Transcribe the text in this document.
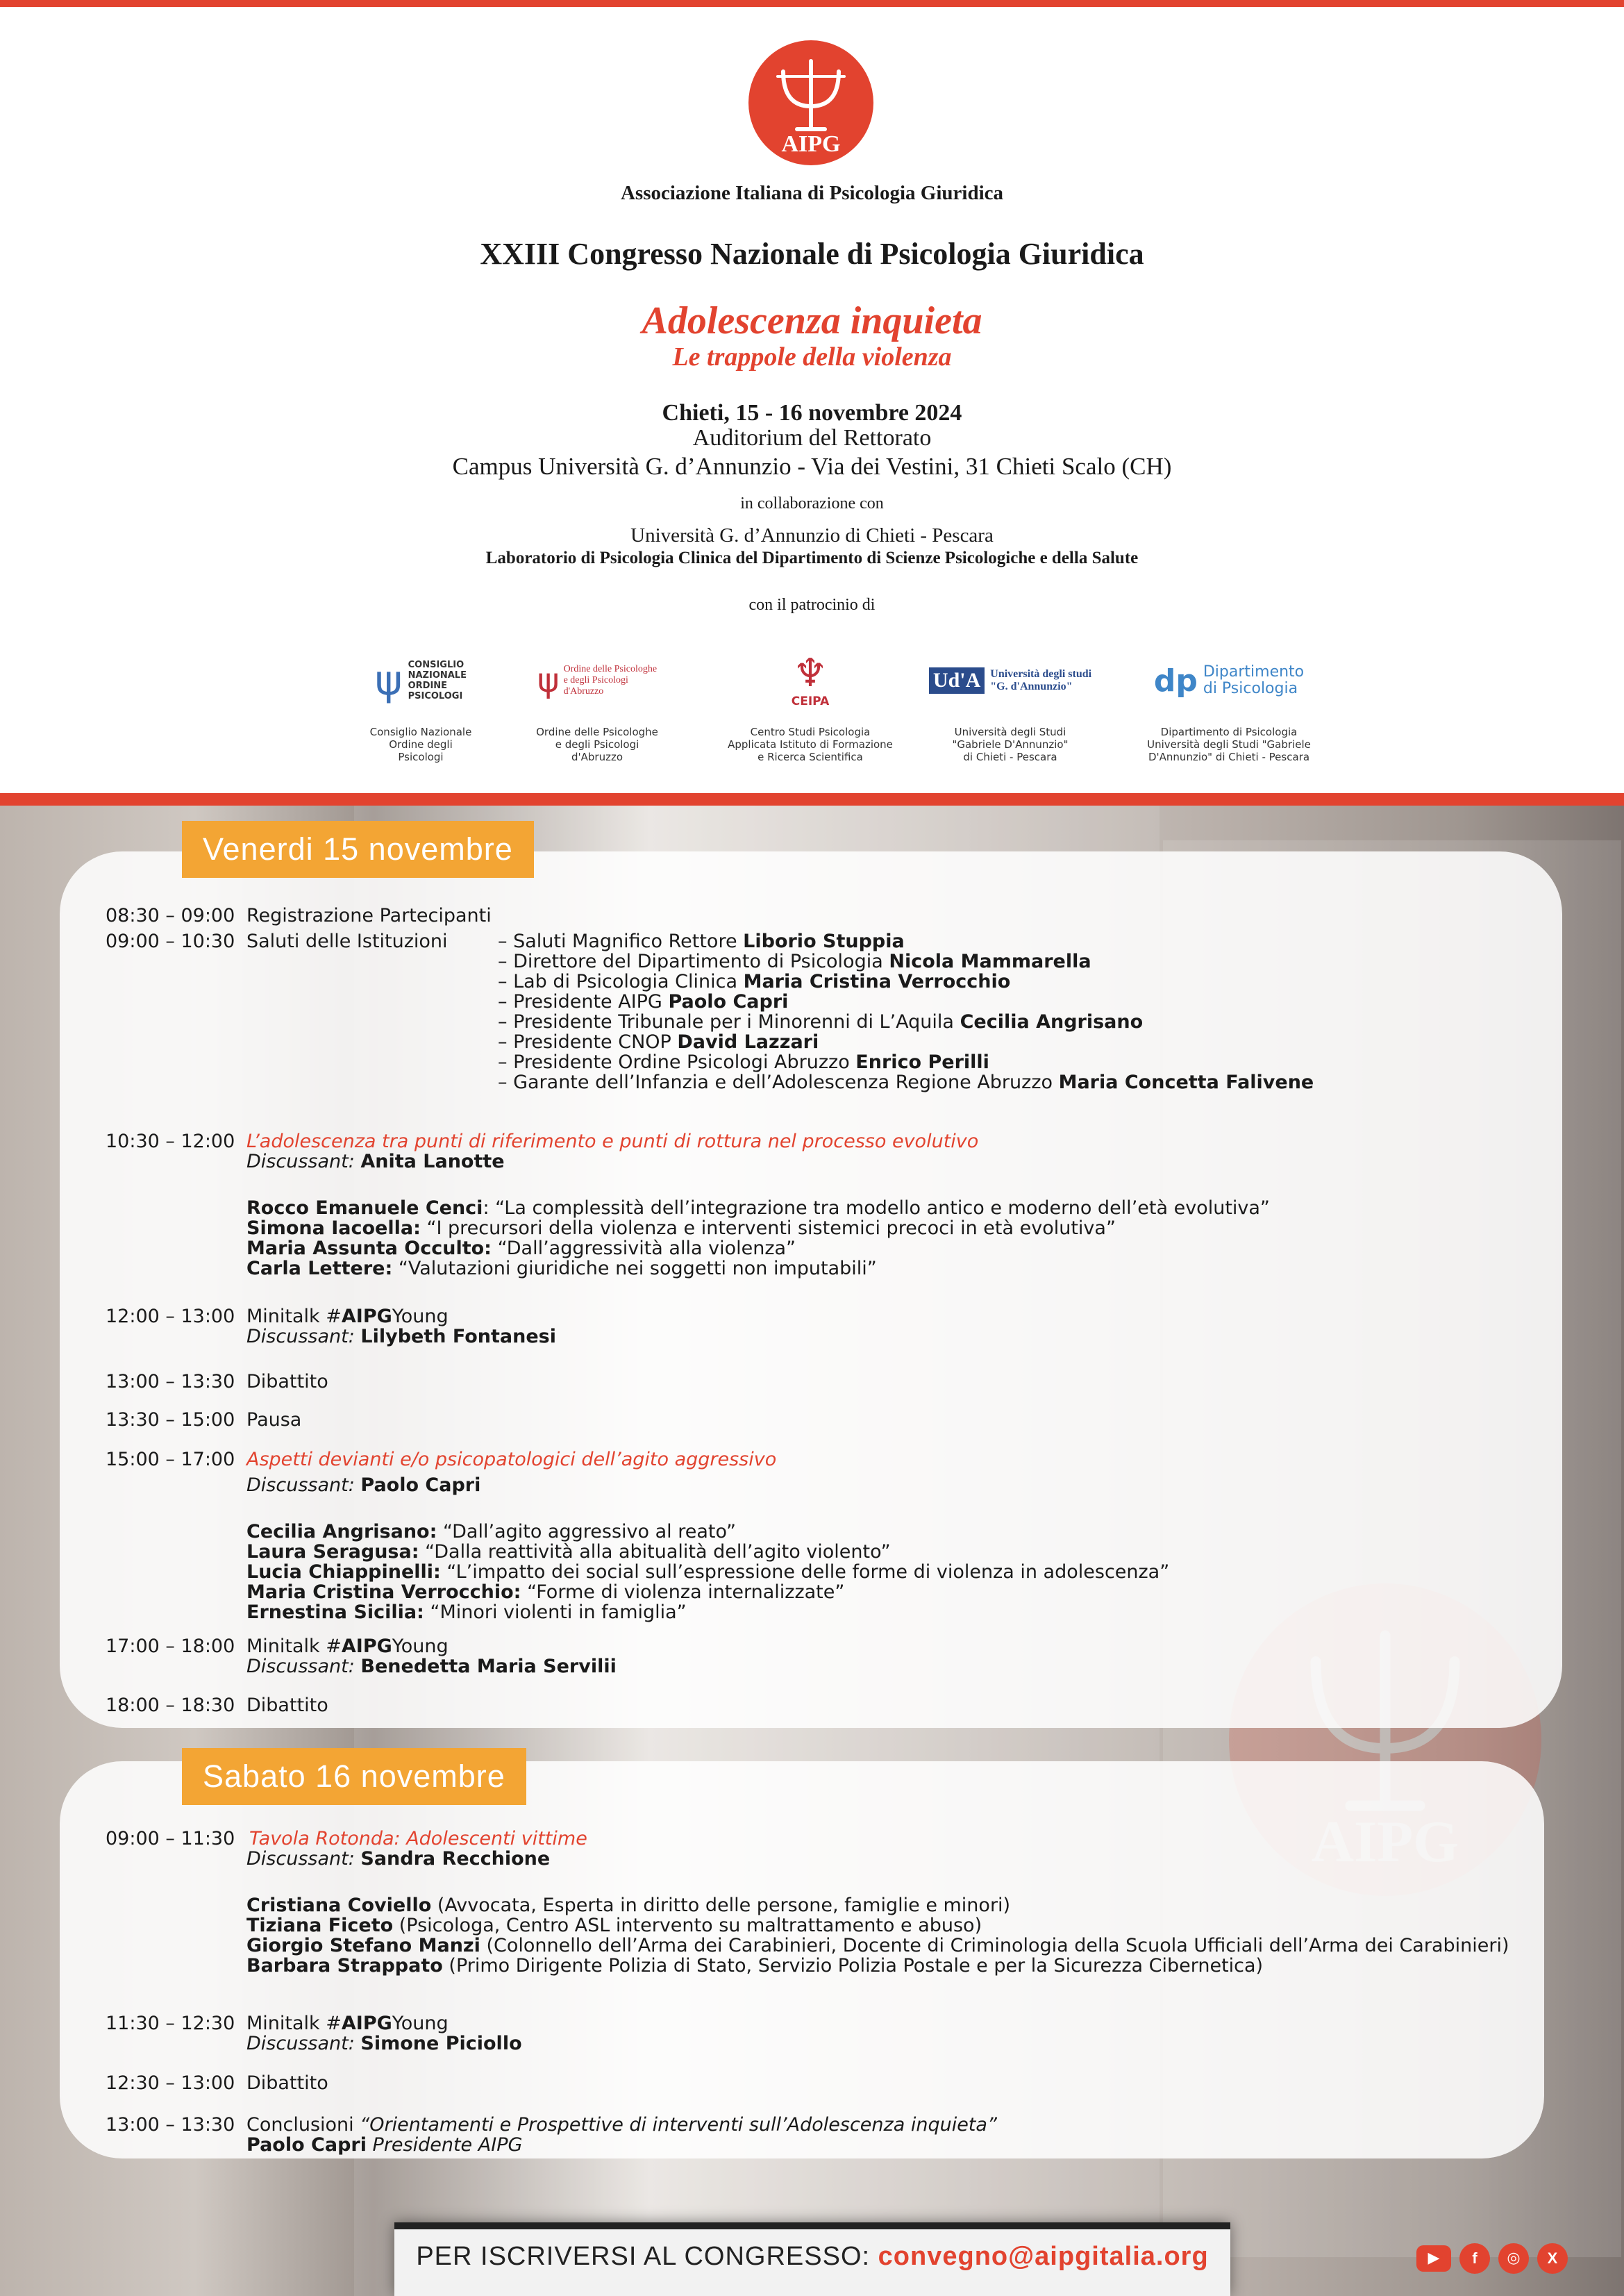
AIPG
Associazione Italiana di Psicologia Giuridica
XXIII Congresso Nazionale di Psicologia Giuridica
Adolescenza inquieta
Le trappole della violenza
Chieti, 15 - 16 novembre 2024
Auditorium del Rettorato
Campus Università G. d’Annunzio - Via dei Vestini, 31 Chieti Scalo (CH)
in collaborazione con
Università G. d’Annunzio di Chieti - Pescara
Laboratorio di Psicologia Clinica del Dipartimento di Scienze Psicologiche e della Salute
con il patrocinio di
ψ CONSIGLIO
NAZIONALE
ORDINE
PSICOLOGI
Consiglio Nazionale
Ordine degli
Psicologi
ψ Ordine delle Psicologhe
e degli Psicologi
d'Abruzzo
Ordine delle Psicologhe
e degli Psicologi
d'Abruzzo
♆
CEIPA
Centro Studi Psicologia
Applicata Istituto di Formazione
e Ricerca Scientifica
Ud'A Università degli studi
"G. d'Annunzio"
Università degli Studi
"Gabriele D'Annunzio"
di Chieti - Pescara
dp Dipartimento
di Psicologia
Dipartimento di Psicologia
Università degli Studi "Gabriele
D'Annunzio" di Chieti - Pescara
Venerdi 15 novembre
Sabato 16 novembre
08:30 – 09:00 Registrazione Partecipanti
09:00 – 10:30 Saluti delle Istituzioni	– Saluti Magnifico Rettore Liborio Stuppia
– Direttore del Dipartimento di Psicologia Nicola Mammarella
– Lab di Psicologia Clinica Maria Cristina Verrocchio
– Presidente AIPG Paolo Capri
– Presidente Tribunale per i Minorenni di L’Aquila Cecilia Angrisano
– Presidente CNOP David Lazzari
– Presidente Ordine Psicologi Abruzzo Enrico Perilli
– Garante dell’Infanzia e dell’Adolescenza Regione Abruzzo Maria Concetta Falivene
10:30 – 12:00 L’adolescenza tra punti di riferimento e punti di rottura nel processo evolutivo
Discussant: Anita Lanotte
Rocco Emanuele Cenci: “La complessità dell’integrazione tra modello antico e moderno dell’età evolutiva”
Simona Iacoella: “I precursori della violenza e interventi sistemici precoci in età evolutiva”
Maria Assunta Occulto: “Dall’aggressività alla violenza”
Carla Lettere: “Valutazioni giuridiche nei soggetti non imputabili”
12:00 – 13:00 Minitalk #AIPGYoung
Discussant: Lilybeth Fontanesi
13:00 – 13:30 Dibattito
13:30 – 15:00 Pausa
15:00 – 17:00 Aspetti devianti e/o psicopatologici dell’agito aggressivo
Discussant: Paolo Capri
Cecilia Angrisano: “Dall’agito aggressivo al reato”
Laura Seragusa: “Dalla reattività alla abitualità dell’agito violento”
Lucia Chiappinelli: “L’impatto dei social sull’espressione delle forme di violenza in adolescenza”
Maria Cristina Verrocchio: “Forme di violenza internalizzate”
Ernestina Sicilia: “Minori violenti in famiglia”
17:00 – 18:00 Minitalk #AIPGYoung
Discussant: Benedetta Maria Servilii
18:00 – 18:30 Dibattito
09:00 – 11:30 Tavola Rotonda: Adolescenti vittime
Discussant: Sandra Recchione
Cristiana Coviello (Avvocata, Esperta in diritto delle persone, famiglie e minori)
Tiziana Ficeto (Psicologa, Centro ASL intervento su maltrattamento e abuso)
Giorgio Stefano Manzi (Colonnello dell’Arma dei Carabinieri, Docente di Criminologia della Scuola Ufficiali dell’Arma dei Carabinieri)
Barbara Strappato (Primo Dirigente Polizia di Stato, Servizio Polizia Postale e per la Sicurezza Cibernetica)
11:30 – 12:30 Minitalk #AIPGYoung
Discussant: Simone Piciollo
12:30 – 13:00 Dibattito
13:00 – 13:30 Conclusioni “Orientamenti e Prospettive di interventi sull’Adolescenza inquieta”
Paolo Capri Presidente AIPG
PER ISCRIVERSI AL CONGRESSO: convegno@aipgitalia.org	▶	f	◎	X
